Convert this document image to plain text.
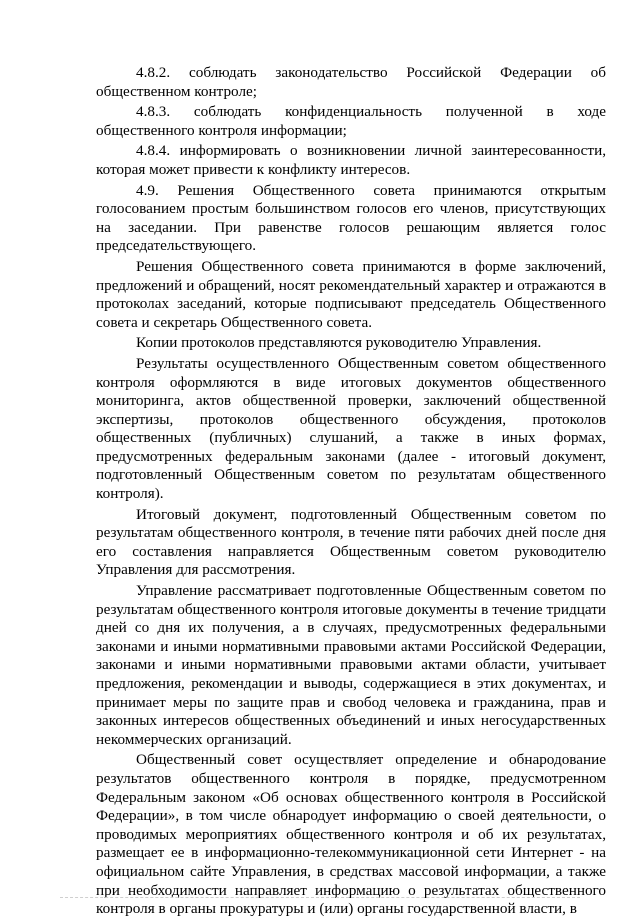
4.8.2. соблюдать законодательство Российской Федерации об общественном контроле;

4.8.3. соблюдать конфиденциальность полученной в ходе общественного контроля информации;

4.8.4. информировать о возникновении личной заинтересованности, которая может привести к конфликту интересов.

4.9. Решения Общественного совета принимаются открытым голосованием простым большинством голосов его членов, присутствующих на заседании. При равенстве голосов решающим является голос председательствующего.

Решения Общественного совета принимаются в форме заключений, предложений и обращений, носят рекомендательный характер и отражаются в протоколах заседаний, которые подписывают председатель Общественного совета и секретарь Общественного совета.

Копии протоколов представляются руководителю Управления.

Результаты осуществленного Общественным советом общественного контроля оформляются в виде итоговых документов общественного мониторинга, актов общественной проверки, заключений общественной экспертизы, протоколов общественного обсуждения, протоколов общественных (публичных) слушаний, а также в иных формах, предусмотренных федеральным законами (далее - итоговый документ, подготовленный Общественным советом по результатам общественного контроля).

Итоговый документ, подготовленный Общественным советом по результатам общественного контроля, в течение пяти рабочих дней после дня его составления направляется Общественным советом руководителю Управления для рассмотрения.

Управление рассматривает подготовленные Общественным советом по результатам общественного контроля итоговые документы в течение тридцати дней со дня их получения, а в случаях, предусмотренных федеральными законами и иными нормативными правовыми актами Российской Федерации, законами и иными нормативными правовыми актами области, учитывает предложения, рекомендации и выводы, содержащиеся в этих документах, и принимает меры по защите прав и свобод человека и гражданина, прав и законных интересов общественных объединений и иных негосударственных некоммерческих организаций.

Общественный совет осуществляет определение и обнародование результатов общественного контроля в порядке, предусмотренном Федеральным законом «Об основах общественного контроля в Российской Федерации», в том числе обнародует информацию о своей деятельности, о проводимых мероприятиях общественного контроля и об их результатах, размещает ее в информационно-телекоммуникационной сети Интернет - на официальном сайте Управления, в средствах массовой информации, а также при необходимости направляет информацию о результатах общественного контроля в органы прокуратуры и (или) органы государственной власти, в
